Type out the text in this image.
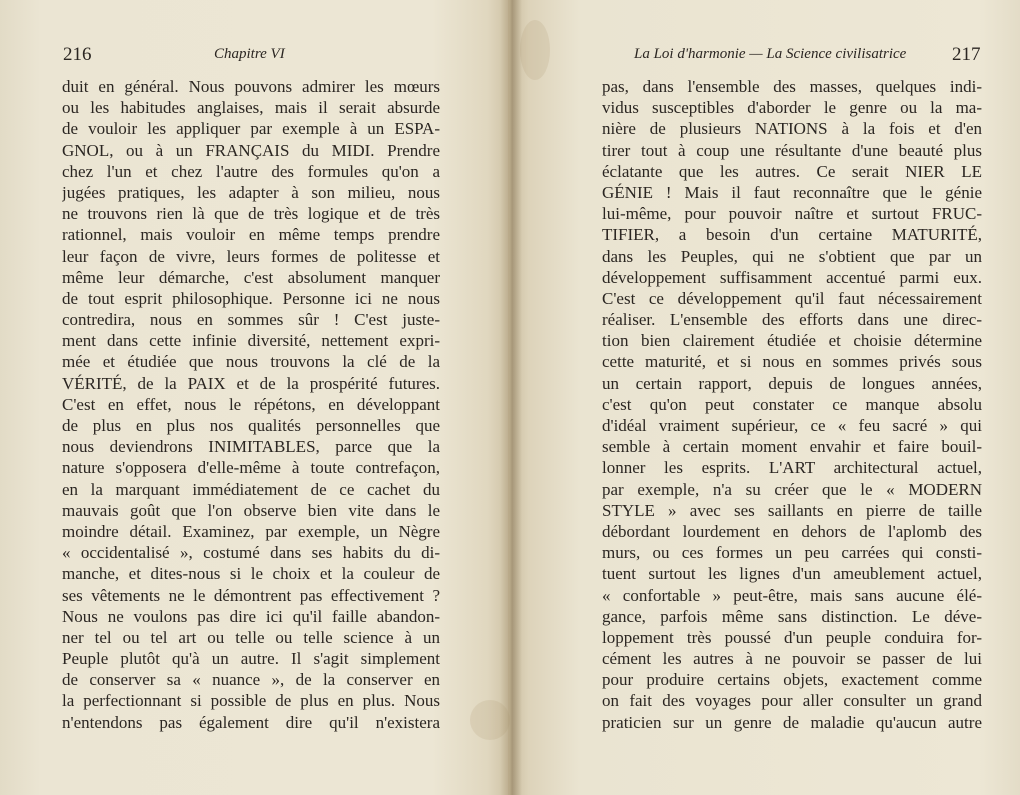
216	Chapitre VI
duit en général. Nous pouvons admirer les mœurs
ou les habitudes anglaises, mais il serait absurde
de vouloir les appliquer par exemple à un ESPA-
GNOL, ou à un FRANÇAIS du MIDI. Prendre
chez l'un et chez l'autre des formules qu'on a
jugées pratiques, les adapter à son milieu, nous
ne trouvons rien là que de très logique et de très
rationnel, mais vouloir en même temps prendre
leur façon de vivre, leurs formes de politesse et
même leur démarche, c'est absolument manquer
de tout esprit philosophique. Personne ici ne nous
contredira, nous en sommes sûr ! C'est juste-
ment dans cette infinie diversité, nettement expri-
mée et étudiée que nous trouvons la clé de la
VÉRITÉ, de la PAIX et de la prospérité futures.
C'est en effet, nous le répétons, en développant
de plus en plus nos qualités personnelles que
nous deviendrons INIMITABLES, parce que la
nature s'opposera d'elle-même à toute contrefaçon,
en la marquant immédiatement de ce cachet du
mauvais goût que l'on observe bien vite dans le
moindre détail. Examinez, par exemple, un Nègre
« occidentalisé », costumé dans ses habits du di-
manche, et dites-nous si le choix et la couleur de
ses vêtements ne le démontrent pas effectivement ?
Nous ne voulons pas dire ici qu'il faille abandon-
ner tel ou tel art ou telle ou telle science à un
Peuple plutôt qu'à un autre. Il s'agit simplement
de conserver sa « nuance », de la conserver en
la perfectionnant si possible de plus en plus. Nous
n'entendons pas également dire qu'il n'existera
La Loi d'harmonie — La Science civilisatrice 217
pas, dans l'ensemble des masses, quelques indi-
vidus susceptibles d'aborder le genre ou la ma-
nière de plusieurs NATIONS à la fois et d'en
tirer tout à coup une résultante d'une beauté plus
éclatante que les autres. Ce serait NIER LE
GÉNIE ! Mais il faut reconnaître que le génie
lui-même, pour pouvoir naître et surtout FRUC-
TIFIER, a besoin d'un certaine MATURITÉ,
dans les Peuples, qui ne s'obtient que par un
développement suffisamment accentué parmi eux.
C'est ce développement qu'il faut nécessairement
réaliser. L'ensemble des efforts dans une direc-
tion bien clairement étudiée et choisie détermine
cette maturité, et si nous en sommes privés sous
un certain rapport, depuis de longues années,
c'est qu'on peut constater ce manque absolu
d'idéal vraiment supérieur, ce « feu sacré » qui
semble à certain moment envahir et faire bouil-
lonner les esprits. L'ART architectural actuel,
par exemple, n'a su créer que le « MODERN
STYLE » avec ses saillants en pierre de taille
débordant lourdement en dehors de l'aplomb des
murs, ou ces formes un peu carrées qui consti-
tuent surtout les lignes d'un ameublement actuel,
« confortable » peut-être, mais sans aucune élé-
gance, parfois même sans distinction. Le déve-
loppement très poussé d'un peuple conduira for-
cément les autres à ne pouvoir se passer de lui
pour produire certains objets, exactement comme
on fait des voyages pour aller consulter un grand
praticien sur un genre de maladie qu'aucun autre
